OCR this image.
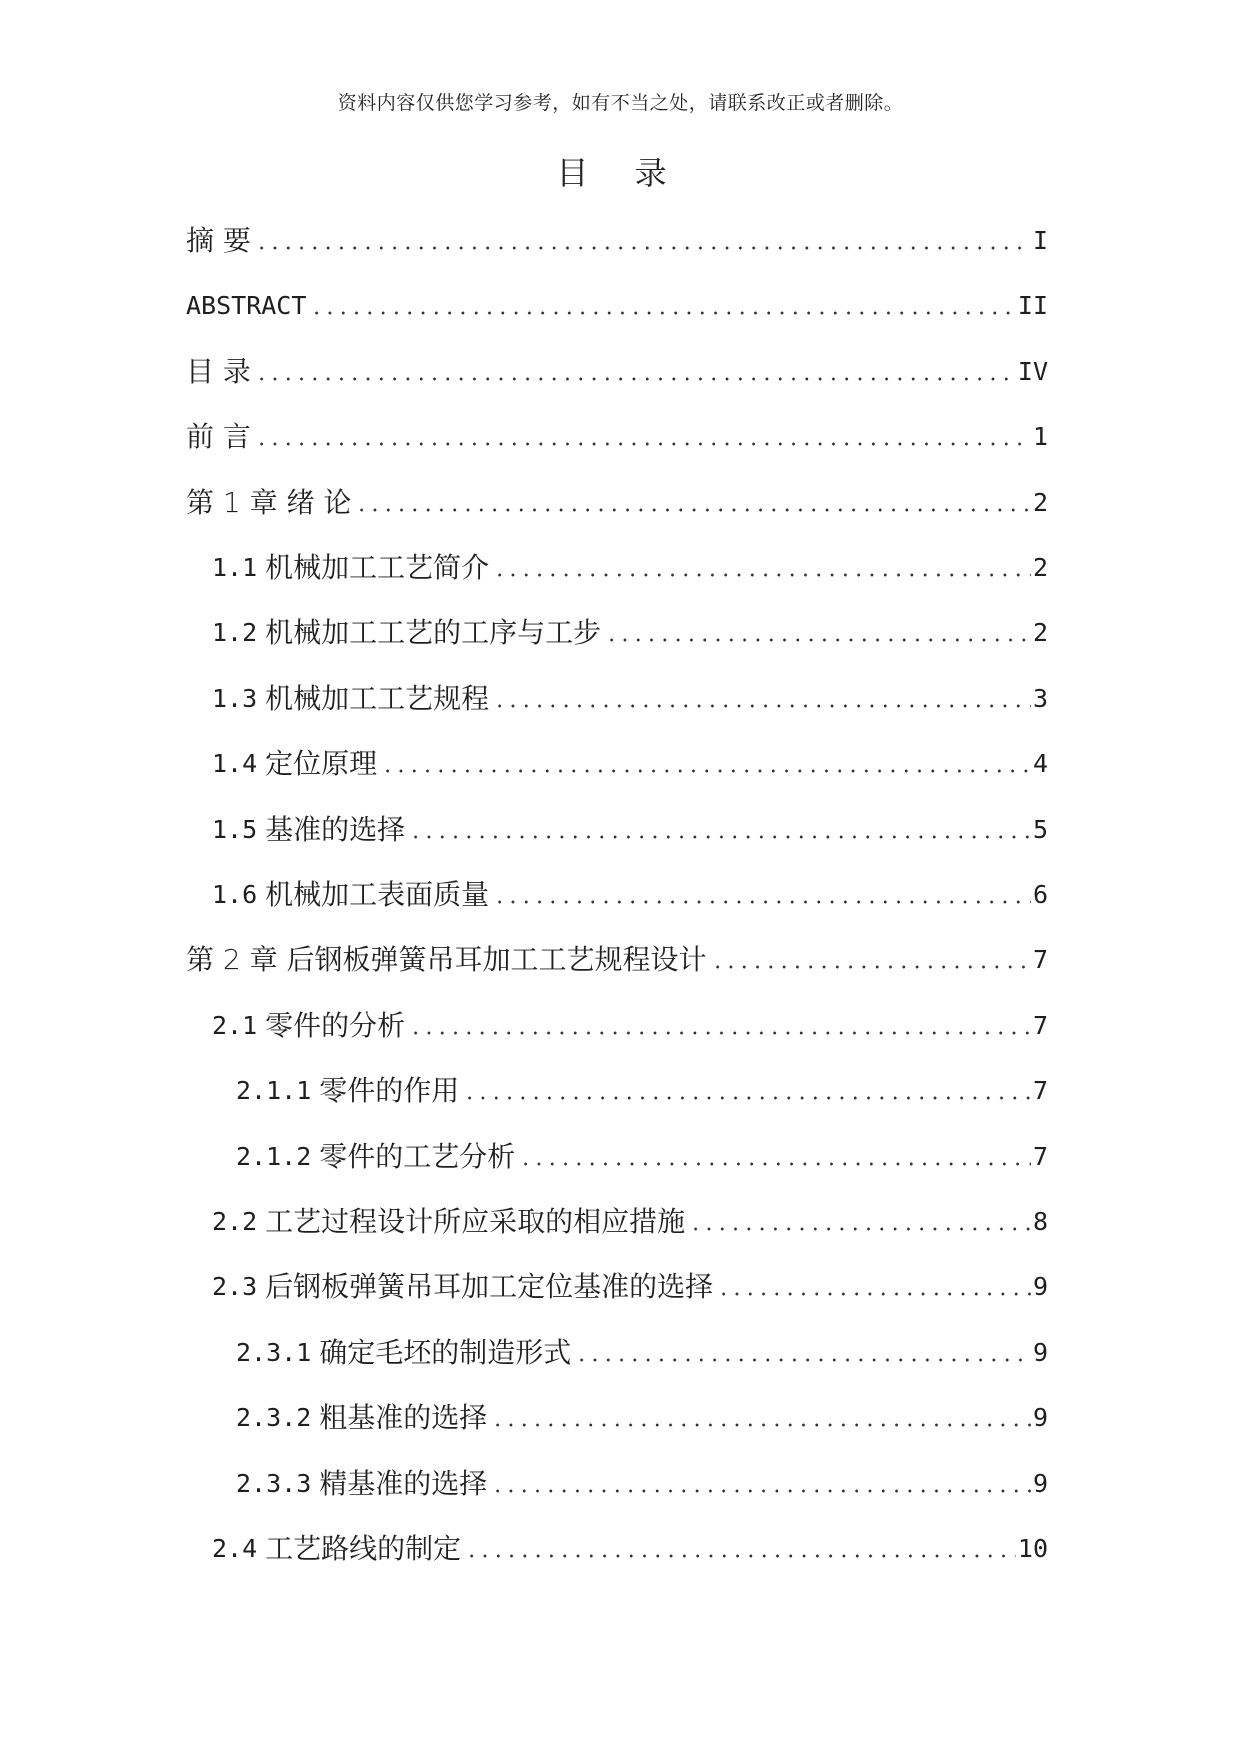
资料内容仅供您学习参考，如有不当之处，请联系改正或者删除。
目 录
摘 要	I
ABSTRACT	II
目 录	IV
前 言	1
第 1 章 绪 论	2
1.1 机械加工工艺简介	2
1.2 机械加工工艺的工序与工步	2
1.3 机械加工工艺规程	3
1.4 定位原理	4
1.5 基准的选择	5
1.6 机械加工表面质量	6
第 2 章 后钢板弹簧吊耳加工工艺规程设计	7
2.1 零件的分析	7
2.1.1 零件的作用	7
2.1.2 零件的工艺分析	7
2.2 工艺过程设计所应采取的相应措施	8
2.3 后钢板弹簧吊耳加工定位基准的选择	9
2.3.1 确定毛坯的制造形式	9
2.3.2 粗基准的选择	9
2.3.3 精基准的选择	9
2.4 工艺路线的制定	10
